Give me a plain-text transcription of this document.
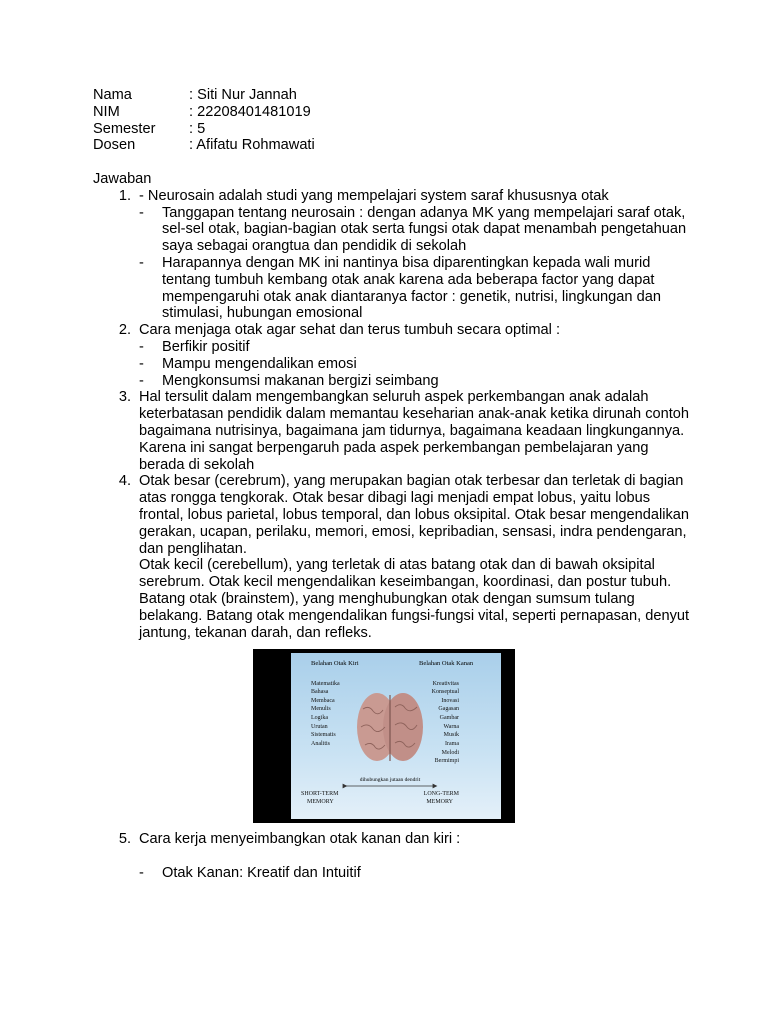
Nama	: Siti Nur Jannah
NIM	: 22208401481019
Semester	: 5
Dosen	: Afifatu Rohmawati
Jawaban
1. - Neurosain adalah studi yang mempelajari system saraf khususnya otak
-	Tanggapan tentang neurosain : dengan adanya MK yang mempelajari saraf otak, sel-sel otak, bagian-bagian otak serta fungsi otak dapat menambah pengetahuan saya sebagai orangtua dan pendidik di sekolah
-	Harapannya dengan MK ini nantinya bisa diparentingkan kepada wali murid tentang tumbuh kembang otak anak karena ada beberapa factor yang dapat mempengaruhi otak anak diantaranya factor : genetik, nutrisi, lingkungan dan stimulasi, hubungan emosional
2. Cara menjaga otak agar sehat dan terus tumbuh secara optimal :
-	Berfikir positif
-	Mampu mengendalikan emosi
-	Mengkonsumsi makanan bergizi seimbang
3. Hal tersulit dalam mengembangkan seluruh aspek perkembangan anak adalah keterbatasan pendidik dalam memantau keseharian anak-anak ketika dirunah contoh bagaimana nutrisinya, bagaimana jam tidurnya, bagaimana keadaan lingkungannya.
Karena ini sangat berpengaruh pada aspek perkembangan pembelajaran yang berada di sekolah
4. Otak besar (cerebrum), yang merupakan bagian otak terbesar dan terletak di bagian atas rongga tengkorak. Otak besar dibagi lagi menjadi empat lobus, yaitu lobus frontal, lobus parietal, lobus temporal, dan lobus oksipital. Otak besar mengendalikan gerakan, ucapan, perilaku, memori, emosi, kepribadian, sensasi, indra pendengaran, dan penglihatan.
Otak kecil (cerebellum), yang terletak di atas batang otak dan di bawah oksipital serebrum. Otak kecil mengendalikan keseimbangan, koordinasi, dan postur tubuh.
Batang otak (brainstem), yang menghubungkan otak dengan sumsum tulang belakang. Batang otak mengendalikan fungsi-fungsi vital, seperti pernapasan, denyut jantung, tekanan darah, dan refleks.
Belahan Otak Kiri	Belahan Otak Kanan
Matematika
Bahasa
Membaca
Menulis
Logika
Urutan
Sistematis
Analitis
Kreativitas
Konseptual
Inovasi
Gagasan
Gambar
Warna
Musik
Irama
Melodi
Bermimpi
dihubungkan jutaan dendrit
SHORT-TERM
MEMORY
LONG-TERM
MEMORY
5. Cara kerja menyeimbangkan otak kanan dan kiri :
-	Otak Kanan: Kreatif dan Intuitif
